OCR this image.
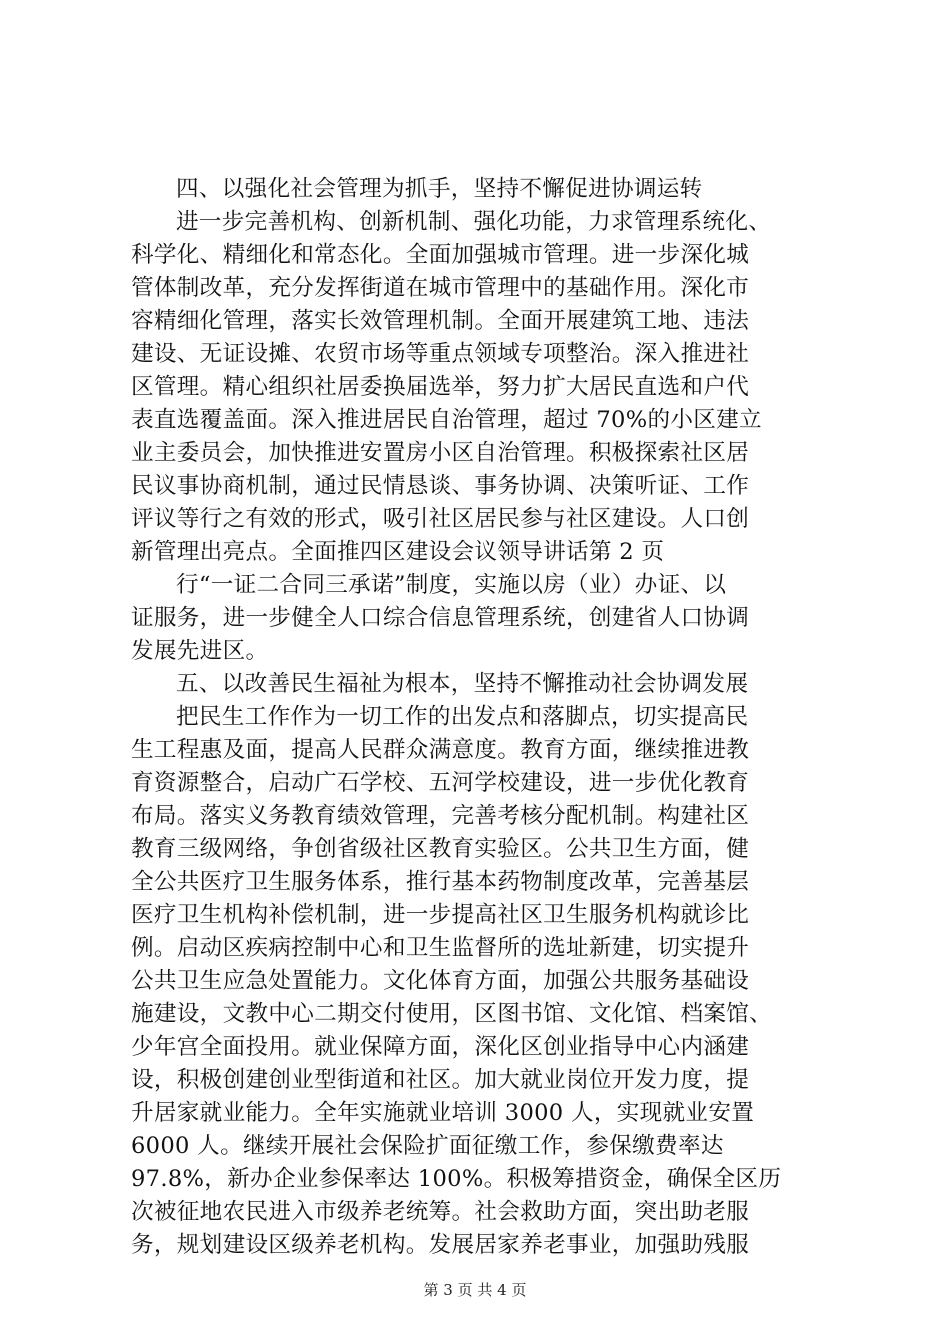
四、以强化社会管理为抓手，坚持不懈促进协调运转
进一步完善机构、创新机制、强化功能，力求管理系统化、
科学化、精细化和常态化。全面加强城市管理。进一步深化城
管体制改革，充分发挥街道在城市管理中的基础作用。深化市
容精细化管理，落实长效管理机制。全面开展建筑工地、违法
建设、无证设摊、农贸市场等重点领域专项整治。深入推进社
区管理。精心组织社居委换届选举，努力扩大居民直选和户代
表直选覆盖面。深入推进居民自治管理，超过 70%的小区建立
业主委员会，加快推进安置房小区自治管理。积极探索社区居
民议事协商机制，通过民情恳谈、事务协调、决策听证、工作
评议等行之有效的形式，吸引社区居民参与社区建设。人口创
新管理出亮点。全面推四区建设会议领导讲话第 2 页
行“一证二合同三承诺”制度，实施以房（业）办证、以
证服务，进一步健全人口综合信息管理系统，创建省人口协调
发展先进区。
五、以改善民生福祉为根本，坚持不懈推动社会协调发展
把民生工作作为一切工作的出发点和落脚点，切实提高民
生工程惠及面，提高人民群众满意度。教育方面，继续推进教
育资源整合，启动广石学校、五河学校建设，进一步优化教育
布局。落实义务教育绩效管理，完善考核分配机制。构建社区
教育三级网络，争创省级社区教育实验区。公共卫生方面，健
全公共医疗卫生服务体系，推行基本药物制度改革，完善基层
医疗卫生机构补偿机制，进一步提高社区卫生服务机构就诊比
例。启动区疾病控制中心和卫生监督所的选址新建，切实提升
公共卫生应急处置能力。文化体育方面，加强公共服务基础设
施建设，文教中心二期交付使用，区图书馆、文化馆、档案馆、
少年宫全面投用。就业保障方面，深化区创业指导中心内涵建
设，积极创建创业型街道和社区。加大就业岗位开发力度，提
升居家就业能力。全年实施就业培训 3000 人，实现就业安置
6000 人。继续开展社会保险扩面征缴工作，参保缴费率达
97.8%，新办企业参保率达 100%。积极筹措资金，确保全区历
次被征地农民进入市级养老统筹。社会救助方面，突出助老服
务，规划建设区级养老机构。发展居家养老事业，加强助残服
第 3 页 共 4 页
